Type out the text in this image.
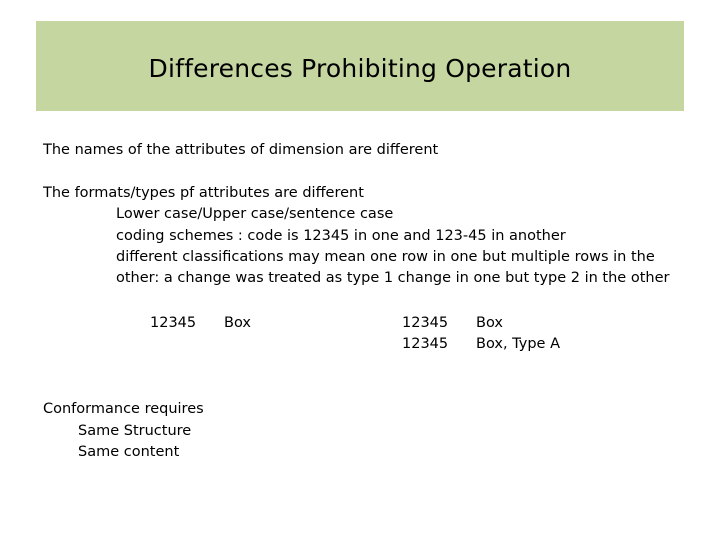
Differences Prohibiting Operation
The names of the attributes of dimension are different
The formats/types pf attributes are different
Lower case/Upper case/sentence case
coding schemes : code is 12345 in one and 123-45 in another
different classifications may mean one row in one but multiple rows in the
other: a change was treated as type 1 change in one but type 2 in the other
12345 Box	12345 Box
12345 Box, Type A
Conformance requires
Same Structure
Same content
